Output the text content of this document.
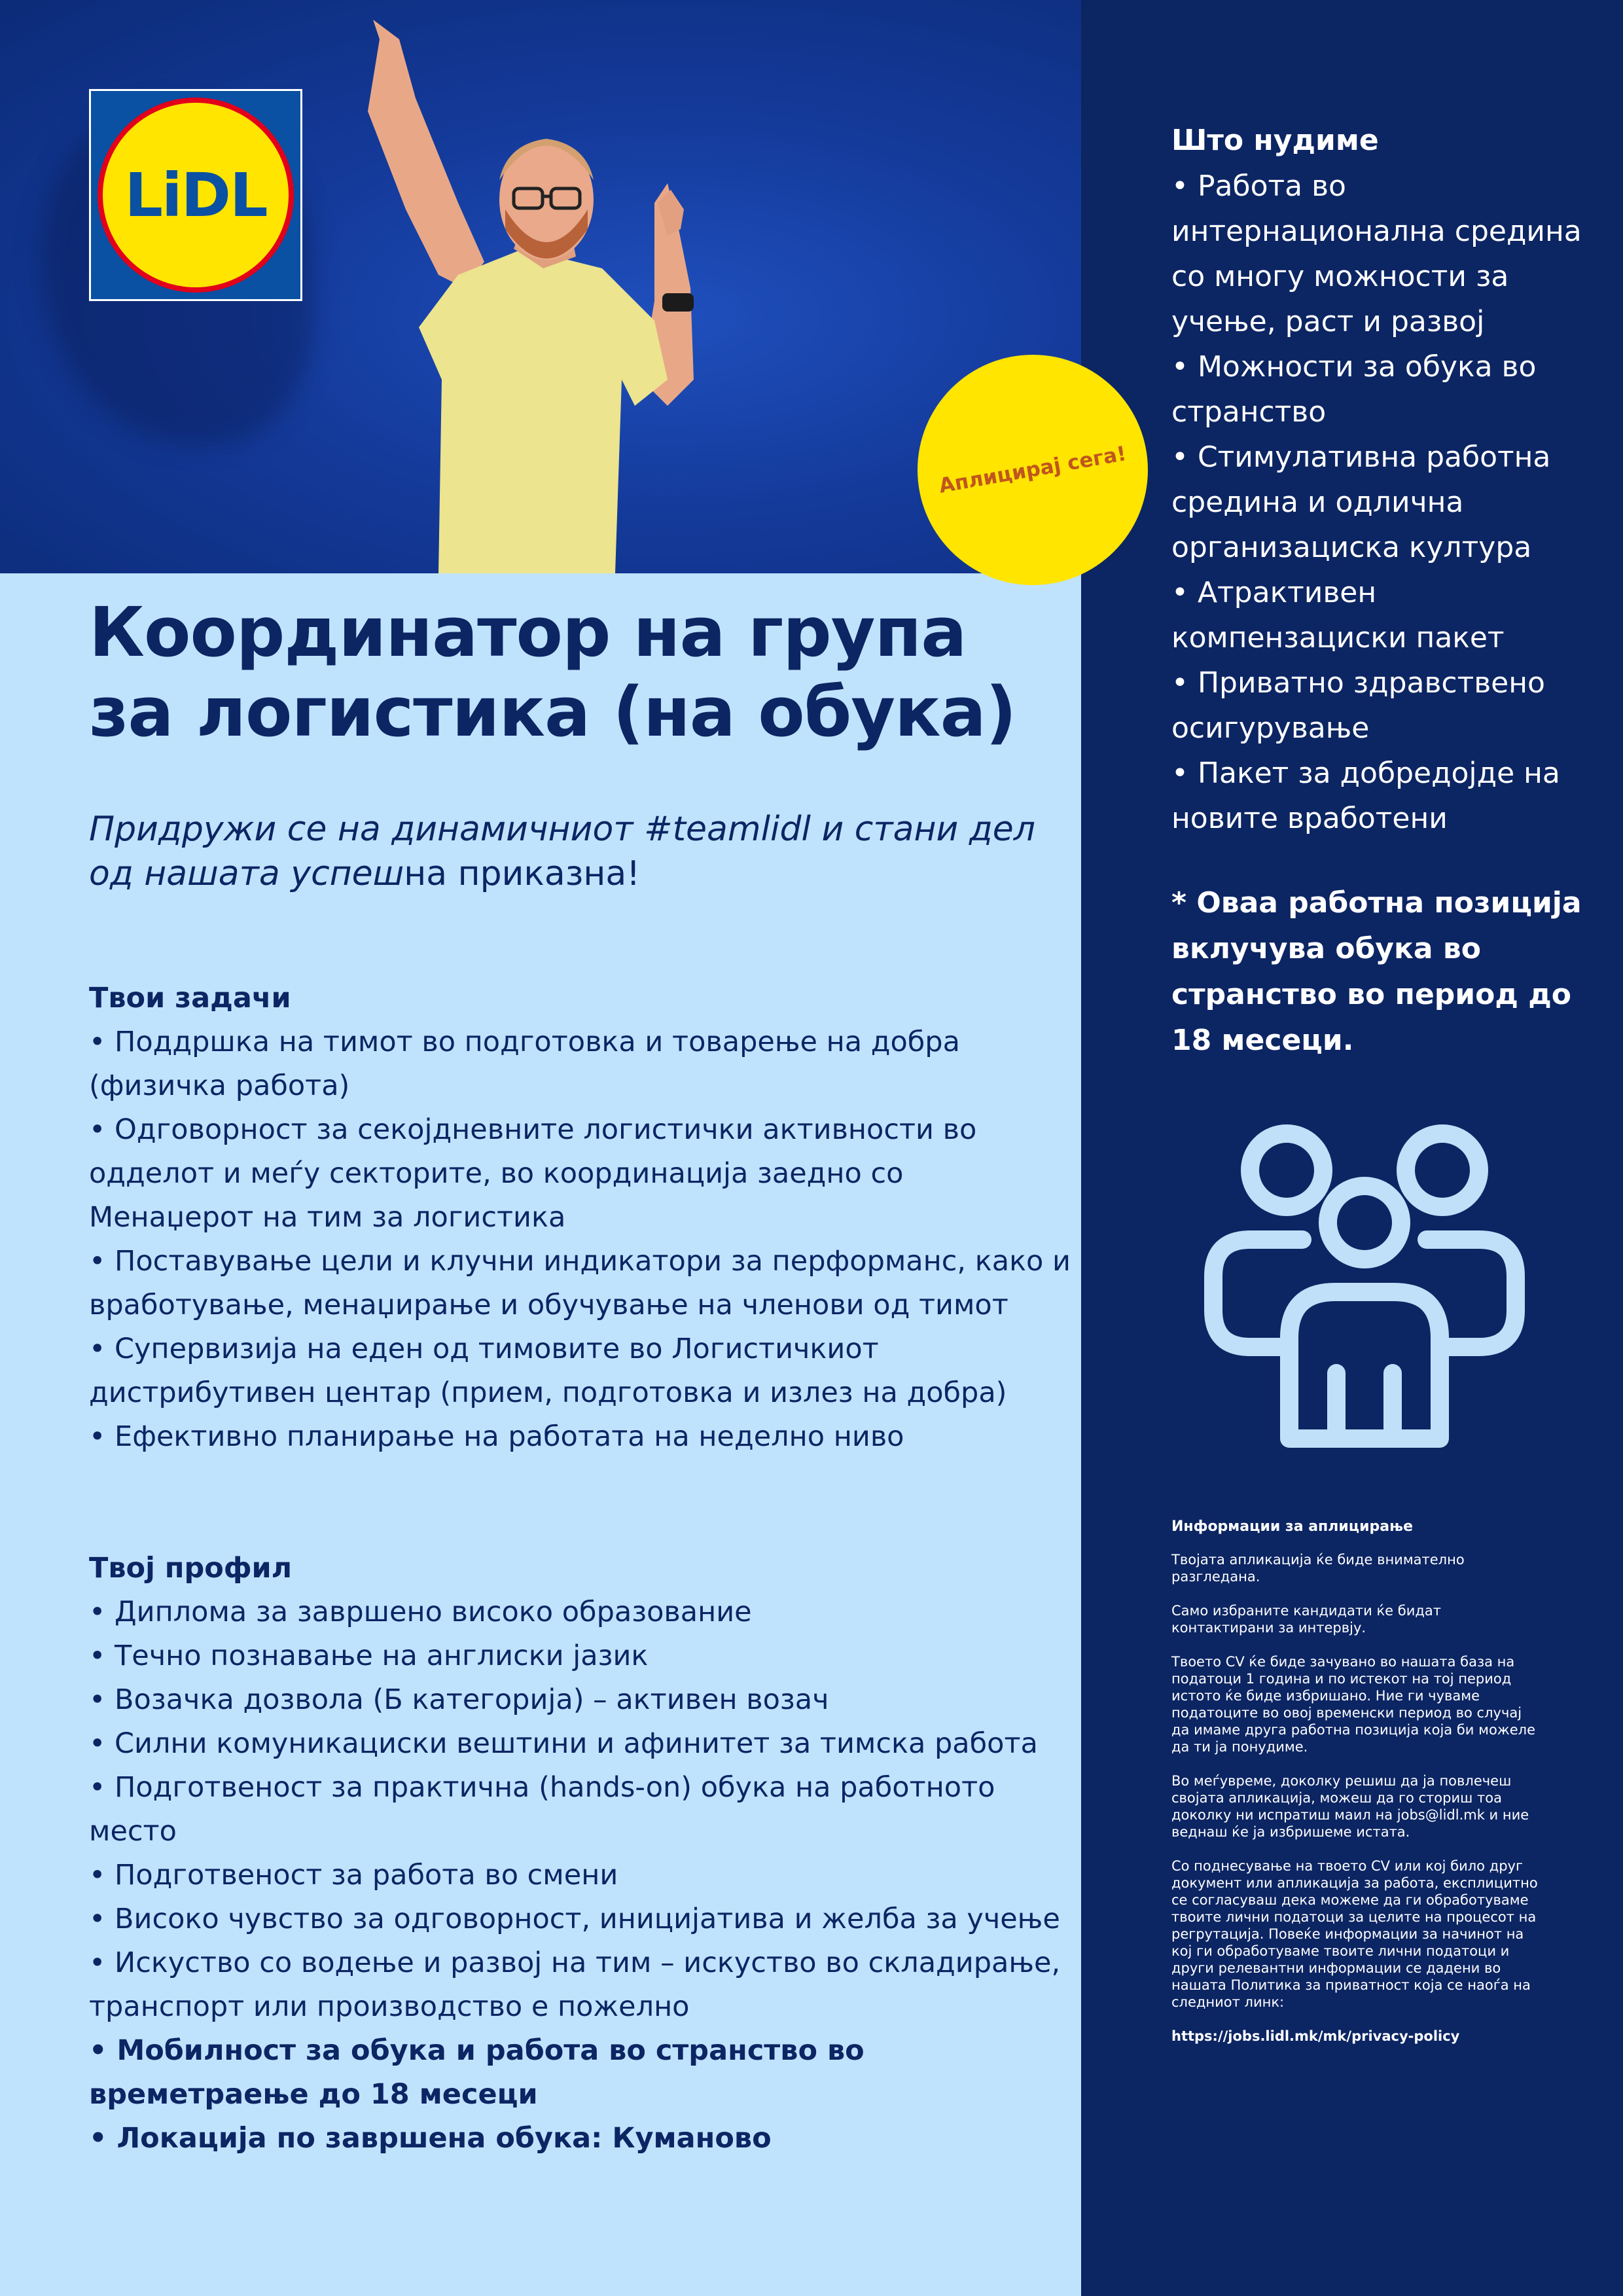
LiDL
Аплицирај сега!
Координатор на група
за логистика (на обука)

Придружи се на динамичниот #teamlidl и стани дел од нашата успешна приказна!

Твои задачи

• Поддршка на тимот во подготовка и товарење на добра (физичка работа)

• Одговорност за секојдневните логистички активности во одделот и меѓу секторите, во координација заедно со Менаџерот на тим за логистика

• Поставување цели и клучни индикатори за перформанс, како и вработување, менаџирање и обучување на членови од тимот

• Супервизија на еден од тимовите во Логистичкиот дистрибутивен центар (прием, подготовка и излез на добра)

• Ефективно планирање на работата на неделно ниво

Твој профил

• Диплома за завршено високо образование

• Течно познавање на англиски јазик

• Возачка дозвола (Б категорија) – активен возач

• Силни комуникациски вештини и афинитет за тимска работа

• Подготвеност за практична (hands-on) обука на работното место

• Подготвеност за работа во смени

• Високо чувство за одговорност, иницијатива и желба за учење

• Искуство со водење и развој на тим – искуство во складирање, транспорт или производство е пожелно

• Мобилност за обука и работа во странство во времетраење до 18 месеци

• Локација по завршена обука: Куманово

Што нудиме

• Работа во интернационална средина со многу можности за учење, раст и развој

• Можности за обука во странство

• Стимулативна работна средина и одлична организациска култура

• Атрактивен компензациски пакет

• Приватно здравствено осигурување

• Пакет за добредојде на новите вработени

* Оваа работна позиција вклучува обука во странство во период до 18 месеци.

Информации за аплицирање

Твојата апликација ќе биде внимателно разгледана.

Само избраните кандидати ќе бидат контактирани за интервју.

Твоето CV ќе биде зачувано во нашата база на податоци 1 година и по истекот на тој период истото ќе биде избришано. Ние ги чуваме податоците во овој временски период во случај да имаме друга работна позиција која би можеле да ти ја понудиме.

Во меѓувреме, доколку решиш да ја повлечеш својата апликација, можеш да го сториш тоа доколку ни испратиш маил на jobs@lidl.mk и ние веднаш ќе ја избришеме истата.

Со поднесување на твоето CV или кој било друг документ или апликација за работа, експлицитно се согласуваш дека можеме да ги обработуваме твоите лични податоци за целите на процесот на регрутација. Повеќе информации за начинот на кој ги обработуваме твоите лични податоци и други релевантни информации се дадени во нашата Политика за приватност која се наоѓа на следниот линк:

https://jobs.lidl.mk/mk/privacy-policy
